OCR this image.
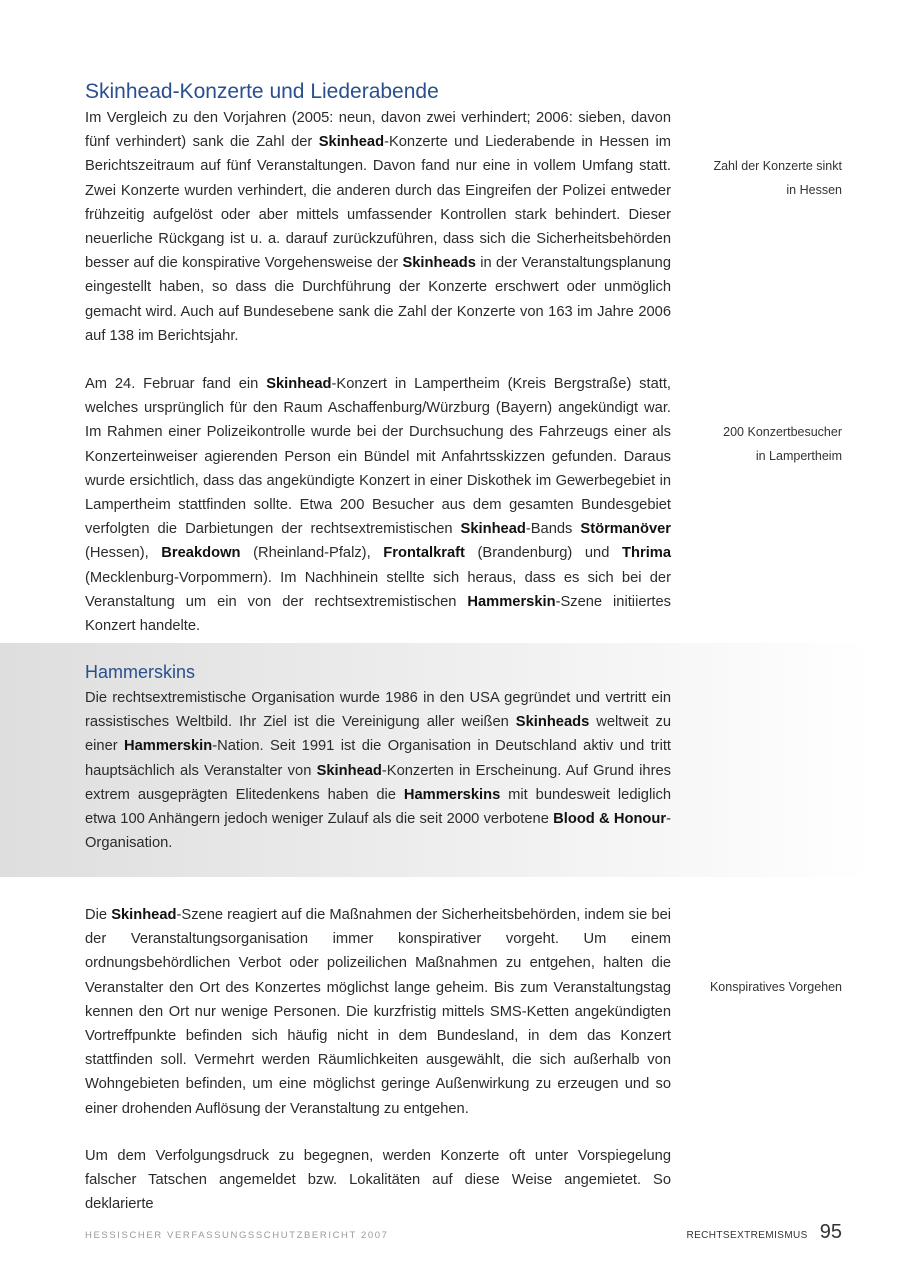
Skinhead-Konzerte und Liederabende

Im Vergleich zu den Vorjahren (2005: neun, davon zwei verhindert; 2006: sieben, davon fünf verhindert) sank die Zahl der Skinhead-Konzerte und Liederabende in Hessen im Berichtszeitraum auf fünf Veranstaltungen. Davon fand nur eine in vollem Umfang statt. Zwei Konzerte wurden verhindert, die anderen durch das Eingreifen der Polizei entweder frühzeitig aufgelöst oder aber mittels umfassender Kontrollen stark behindert. Dieser neuerliche Rückgang ist u. a. darauf zurückzuführen, dass sich die Sicherheitsbehörden besser auf die konspirative Vorgehensweise der Skinheads in der Veranstaltungsplanung eingestellt haben, so dass die Durchführung der Konzerte erschwert oder unmöglich gemacht wird. Auch auf Bundesebene sank die Zahl der Konzerte von 163 im Jahre 2006 auf 138 im Berichtsjahr.

Am 24. Februar fand ein Skinhead-Konzert in Lampertheim (Kreis Bergstraße) statt, welches ursprünglich für den Raum Aschaffenburg/Würzburg (Bayern) angekündigt war. Im Rahmen einer Polizeikontrolle wurde bei der Durchsuchung des Fahrzeugs einer als Konzerteinweiser agierenden Person ein Bündel mit Anfahrtsskizzen gefunden. Daraus wurde ersichtlich, dass das angekündigte Konzert in einer Diskothek im Gewerbegebiet in Lampertheim stattfinden sollte. Etwa 200 Besucher aus dem gesamten Bundesgebiet verfolgten die Darbietungen der rechtsextremistischen Skinhead-Bands Störmanöver (Hessen), Breakdown (Rheinland-Pfalz), Frontalkraft (Brandenburg) und Thrima (Mecklenburg-Vorpommern). Im Nachhinein stellte sich heraus, dass es sich bei der Veranstaltung um ein von der rechtsextremistischen Hammerskin-Szene initiiertes Konzert handelte.

Hammerskins

Die rechtsextremistische Organisation wurde 1986 in den USA gegründet und vertritt ein rassistisches Weltbild. Ihr Ziel ist die Vereinigung aller weißen Skinheads weltweit zu einer Hammerskin-Nation. Seit 1991 ist die Organisation in Deutschland aktiv und tritt hauptsächlich als Veranstalter von Skinhead-Konzerten in Erscheinung. Auf Grund ihres extrem ausgeprägten Elitedenkens haben die Hammerskins mit bundesweit lediglich etwa 100 Anhängern jedoch weniger Zulauf als die seit 2000 verbotene Blood & Honour-Organisation.

Die Skinhead-Szene reagiert auf die Maßnahmen der Sicherheitsbehörden, indem sie bei der Veranstaltungsorganisation immer konspirativer vorgeht. Um einem ordnungsbehördlichen Verbot oder polizeilichen Maßnahmen zu entgehen, halten die Veranstalter den Ort des Konzertes möglichst lange geheim. Bis zum Veranstaltungstag kennen den Ort nur wenige Personen. Die kurzfristig mittels SMS-Ketten angekündigten Vortreffpunkte befinden sich häufig nicht in dem Bundesland, in dem das Konzert stattfinden soll. Vermehrt werden Räumlichkeiten ausgewählt, die sich außerhalb von Wohngebieten befinden, um eine möglichst geringe Außenwirkung zu erzeugen und so einer drohenden Auflösung der Veranstaltung zu entgehen.

Um dem Verfolgungsdruck zu begegnen, werden Konzerte oft unter Vorspiegelung falscher Tatschen angemeldet bzw. Lokalitäten auf diese Weise angemietet. So deklarierte

Zahl der Konzerte sinkt
in Hessen
200 Konzertbesucher
in Lampertheim
Konspiratives Vorgehen
HESSISCHER VERFASSUNGSSCHUTZBERICHT 2007	RECHTSEXTREMISMUS 95
